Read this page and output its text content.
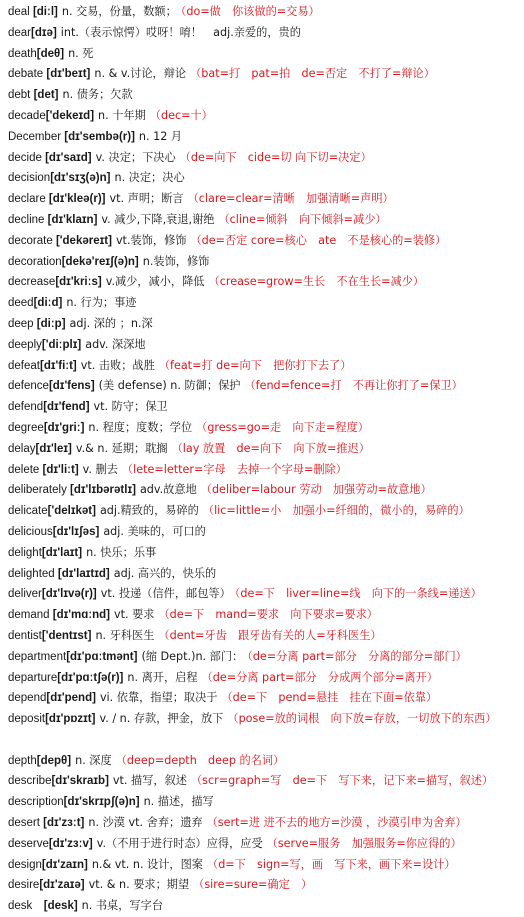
deal [diːl] n. 交易，份量，数额； （do=做　你该做的=交易）
dear[dɪə] int.（表示惊愕）哎呀！唷！　adj.亲爱的，贵的
death[deθ] n. 死
debate [dɪ'beɪt] n. & v.讨论，辩论 （bat=打　pat=拍　de=否定　不打了=辩论）
debt [det] n. 债务；欠款
decade['dekeɪd] n. 十年期 （dec=十）
December [dɪ'sembə(r)] n. 12 月
decide [dɪ'saɪd] v. 决定；下决心 （de=向下　cide=切 向下切=决定）
decision[dɪ'sɪʒ(ə)n] n. 决定；决心
declare [dɪ'kleə(r)] vt. 声明；断言 （clare=clear=清晰　加强清晰=声明）
decline [dɪ'klaɪn] v. 减少,下降,衰退,谢绝 （cline=倾斜　向下倾斜=减少）
decorate ['dekəreɪt] vt.装饰，修饰 （de=否定 core=核心　ate　不是核心的=装修）
decoration[dekə'reɪʃ(ə)n] n.装饰，修饰
decrease[dɪ'kriːs] v.减少，减小，降低 （crease=grow=生长　不在生长=减少）
deed[diːd] n. 行为；事迹
deep [diːp] adj. 深的 ；n.深
deeply['diːplɪ] adv. 深深地
defeat[dɪ'fiːt] vt. 击败；战胜 （feat=打 de=向下　把你打下去了）
defence[dɪ'fens] (美 defense) n. 防御；保护 （fend=fence=打　不再让你打了=保卫）
defend[dɪ'fend] vt. 防守；保卫
degree[dɪ'griː] n. 程度；度数；学位 （gress=go=走　向下走=程度）
delay[dɪ'leɪ] v.& n. 延期；耽搁 （lay 放置　de=向下　向下放=推迟）
delete [dɪ'liːt] v. 删去 （lete=letter=字母　去掉一个字母=删除）
deliberately [dɪ'lɪbərətlɪ] adv.故意地 （deliber=labour 劳动　加强劳动=故意地）
delicate['delɪkət] adj.精致的，易碎的 （lic=little=小　加强小=纤细的，微小的，易碎的）
delicious[dɪ'lɪʃəs] adj. 美味的，可口的
delight[dɪ'laɪt] n. 快乐；乐事
delighted [dɪ'laɪtɪd] adj. 高兴的，快乐的
deliver[dɪ'lɪvə(r)] vt. 投递（信件，邮包等） （de=下　liver=line=线　向下的一条线=递送）
demand [dɪ'mɑːnd] vt. 要求 （de=下　mand=要求　向下要求=要求）
dentist['dentɪst] n. 牙科医生 （dent=牙齿　跟牙齿有关的人=牙科医生）
department[dɪ'pɑːtmənt] (缩 Dept.)n. 部门： （de=分离 part=部分　分离的部分=部门）
departure[dɪ'pɑːtʃə(r)] n. 离开，启程 （de=分离 part=部分　分成两个部分=离开）
depend[dɪ'pend] vi. 依靠，指望；取决于 （de=下　pend=悬挂　挂在下面=依靠）
deposit[dɪ'pɒzɪt] v. / n. 存款，押金，放下 （pose=放的词根　向下放=存放，一切放下的东西）
depth[depθ] n. 深度 （deep=depth　deep 的名词）
describe[dɪ'skraɪb] vt. 描写，叙述 （scr=graph=写　de=下　写下来，记下来=描写，叙述）
description[dɪ'skrɪpʃ(ə)n] n. 描述，描写
desert [dɪ'zɜːt] n. 沙漠 vt. 舍弃；遗弃 （sert=进 进不去的地方=沙漠 ，沙漠引申为舍弃）
deserve[dɪ'zɜːv] v.（不用于进行时态）应得，应受 （serve=服务　加强服务=你应得的）
design[dɪ'zaɪn] n.& vt. n. 设计，图案 （d=下　sign=写，画　写下来，画下来=设计）
desire[dɪ'zaɪə] vt. & n. 要求；期望 （sire=sure=确定　）
desk　[desk] n. 书桌，写字台
